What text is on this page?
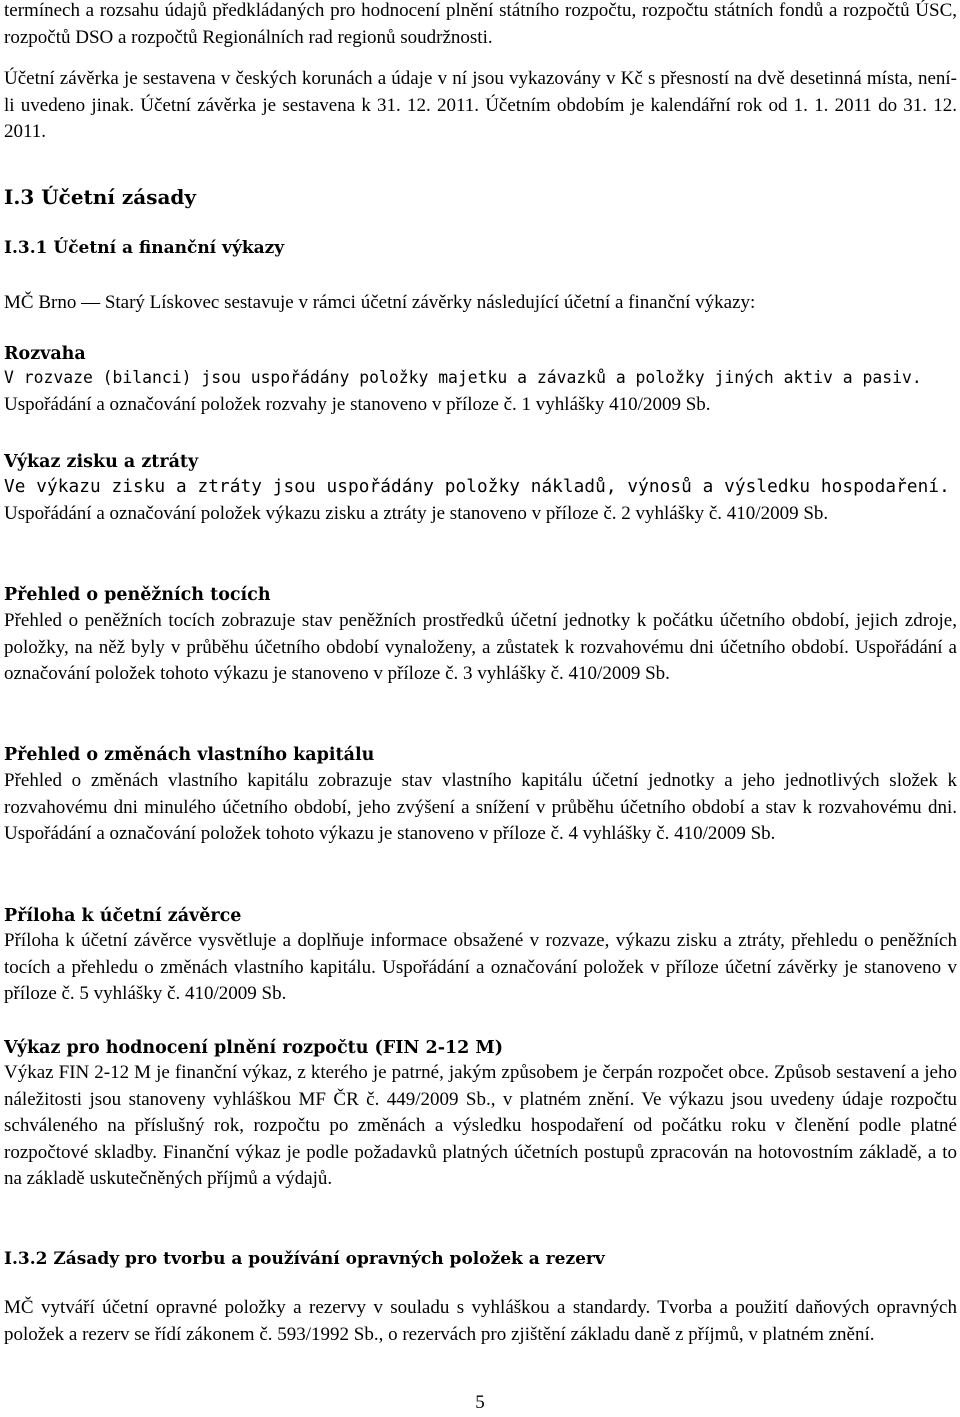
termínech a rozsahu údajů předkládaných pro hodnocení plnění státního rozpočtu, rozpočtu státních fondů a rozpočtů ÚSC, rozpočtů DSO a rozpočtů Regionálních rad regionů soudržnosti.

Účetní závěrka je sestavena v českých korunách a údaje v ní jsou vykazovány v Kč s přesností na dvě desetinná místa, není-li uvedeno jinak. Účetní závěrka je sestavena k 31. 12. 2011. Účetním obdobím je kalendářní rok od 1. 1. 2011 do 31. 12. 2011.

I.3 Účetní zásady

I.3.1 Účetní a finanční výkazy

MČ Brno ― Starý Lískovec sestavuje v rámci účetní závěrky následující účetní a finanční výkazy:

Rozvaha

V rozvaze (bilanci) jsou uspořádány položky majetku a závazků a položky jiných aktiv a pasiv.

Uspořádání a označování položek rozvahy je stanoveno v příloze č. 1 vyhlášky 410/2009 Sb.

Výkaz zisku a ztráty

Ve výkazu zisku a ztráty jsou uspořádány položky nákladů, výnosů a výsledku hospodaření.

Uspořádání a označování položek výkazu zisku a ztráty je stanoveno v příloze č. 2 vyhlášky č. 410/2009 Sb.

Přehled o peněžních tocích

Přehled o peněžních tocích zobrazuje stav peněžních prostředků účetní jednotky k počátku účetního období, jejich zdroje, položky, na něž byly v průběhu účetního období vynaloženy, a zůstatek k rozvahovému dni účetního období. Uspořádání a označování položek tohoto výkazu je stanoveno v příloze č. 3 vyhlášky č. 410/2009 Sb.

Přehled o změnách vlastního kapitálu

Přehled o změnách vlastního kapitálu zobrazuje stav vlastního kapitálu účetní jednotky a jeho jednotlivých složek k rozvahovému dni minulého účetního období, jeho zvýšení a snížení v průběhu účetního období a stav k rozvahovému dni. Uspořádání a označování položek tohoto výkazu je stanoveno v příloze č. 4 vyhlášky č. 410/2009 Sb.

Příloha k účetní závěrce

Příloha k účetní závěrce vysvětluje a doplňuje informace obsažené v rozvaze, výkazu zisku a ztráty, přehledu o peněžních tocích a přehledu o změnách vlastního kapitálu. Uspořádání a označování položek v příloze účetní závěrky je stanoveno v příloze č. 5 vyhlášky č. 410/2009 Sb.

Výkaz pro hodnocení plnění rozpočtu (FIN 2-12 M)

Výkaz FIN 2-12 M je finanční výkaz, z kterého je patrné, jakým způsobem je čerpán rozpočet obce. Způsob sestavení a jeho náležitosti jsou stanoveny vyhláškou MF ČR č. 449/2009 Sb., v platném znění. Ve výkazu jsou uvedeny údaje rozpočtu schváleného na příslušný rok, rozpočtu po změnách a výsledku hospodaření od počátku roku v členění podle platné rozpočtové skladby. Finanční výkaz je podle požadavků platných účetních postupů zpracován na hotovostním základě, a to na základě uskutečněných příjmů a výdajů.

I.3.2 Zásady pro tvorbu a používání opravných položek a rezerv

MČ vytváří účetní opravné položky a rezervy v souladu s vyhláškou a standardy. Tvorba a použití daňových opravných položek a rezerv se řídí zákonem č. 593/1992 Sb., o rezervách pro zjištění základu daně z příjmů, v platném znění.

5
